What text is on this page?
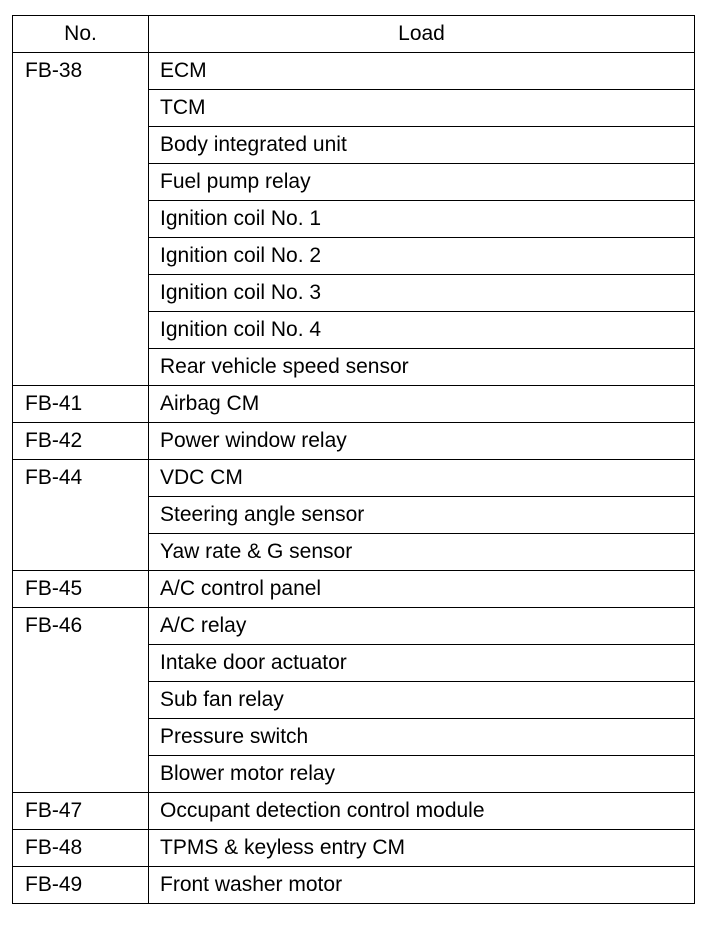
No.	Load
FB-38	ECM
	TCM
	Body integrated unit
	Fuel pump relay
	Ignition coil No. 1
	Ignition coil No. 2
	Ignition coil No. 3
	Ignition coil No. 4
	Rear vehicle speed sensor
FB-41	Airbag CM
FB-42	Power window relay
FB-44	VDC CM
	Steering angle sensor
	Yaw rate & G sensor
FB-45	A/C control panel
FB-46	A/C relay
	Intake door actuator
	Sub fan relay
	Pressure switch
	Blower motor relay
FB-47	Occupant detection control module
FB-48	TPMS & keyless entry CM
FB-49	Front washer motor
